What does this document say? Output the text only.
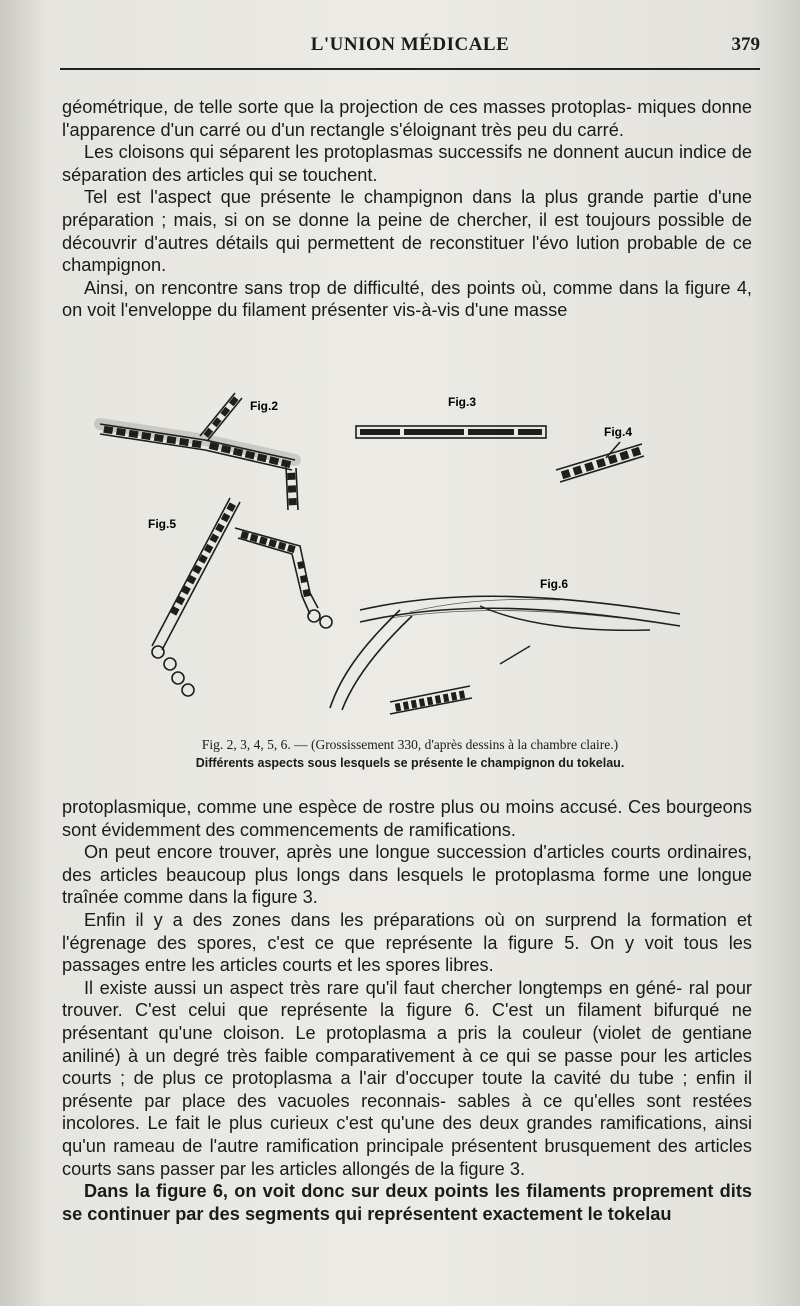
L'UNION MÉDICALE	379

géométrique, de telle sorte que la projection de ces masses protoplas- miques donne l'apparence d'un carré ou d'un rectangle s'éloignant très peu du carré.

Les cloisons qui séparent les protoplasmas successifs ne donnent aucun indice de séparation des articles qui se touchent.

Tel est l'aspect que présente le champignon dans la plus grande partie d'une préparation ; mais, si on se donne la peine de chercher, il est toujours possible de découvrir d'autres détails qui permettent de reconstituer l'évo lution probable de ce champignon.

Ainsi, on rencontre sans trop de difficulté, des points où, comme dans la figure 4, on voit l'enveloppe du filament présenter vis-à-vis d'une masse

Fig.2	Fig.3
Fig.4
Fig.5
Fig.6
Fig. 2, 3, 4, 5, 6. — (Grossissement 330, d'après dessins à la chambre claire.)
Différents aspects sous lesquels se présente le champignon du tokelau.

protoplasmique, comme une espèce de rostre plus ou moins accusé. Ces bourgeons sont évidemment des commencements de ramifications.

On peut encore trouver, après une longue succession d'articles courts ordinaires, des articles beaucoup plus longs dans lesquels le protoplasma forme une longue traînée comme dans la figure 3.

Enfin il y a des zones dans les préparations où on surprend la formation et l'égrenage des spores, c'est ce que représente la figure 5. On y voit tous les passages entre les articles courts et les spores libres.

Il existe aussi un aspect très rare qu'il faut chercher longtemps en géné- ral pour trouver. C'est celui que représente la figure 6. C'est un filament bifurqué ne présentant qu'une cloison. Le protoplasma a pris la couleur (violet de gentiane aniliné) à un degré très faible comparativement à ce qui se passe pour les articles courts ; de plus ce protoplasma a l'air d'occuper toute la cavité du tube ; enfin il présente par place des vacuoles reconnais- sables à ce qu'elles sont restées incolores. Le fait le plus curieux c'est qu'une des deux grandes ramifications, ainsi qu'un rameau de l'autre ramification principale présentent brusquement des articles courts sans passer par les articles allongés de la figure 3.

Dans la figure 6, on voit donc sur deux points les filaments proprement dits se continuer par des segments qui représentent exactement le tokelau
